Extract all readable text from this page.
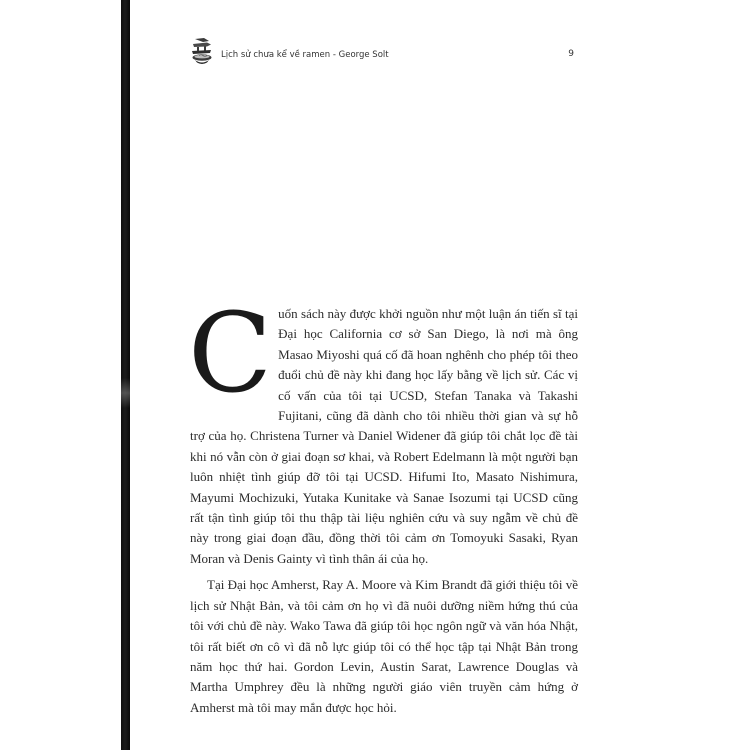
Lịch sử chưa kể về ramen - George Solt	9

Cuốn sách này được khởi nguồn như một luận án tiến sĩ tại Đại học California cơ sở San Diego, là nơi mà ông Masao Miyoshi quá cố đã hoan nghênh cho phép tôi theo đuổi chủ đề này khi đang học lấy bằng về lịch sử. Các vị cố vấn của tôi tại UCSD, Stefan Tanaka và Takashi Fujitani, cũng đã dành cho tôi nhiều thời gian và sự hỗ trợ của họ. Christena Turner và Daniel Widener đã giúp tôi chắt lọc đề tài khi nó vẫn còn ở giai đoạn sơ khai, và Robert Edelmann là một người bạn luôn nhiệt tình giúp đỡ tôi tại UCSD. Hifumi Ito, Masato Nishimura, Mayumi Mochizuki, Yutaka Kunitake và Sanae Isozumi tại UCSD cũng rất tận tình giúp tôi thu thập tài liệu nghiên cứu và suy ngẫm về chủ đề này trong giai đoạn đầu, đồng thời tôi cảm ơn Tomoyuki Sasaki, Ryan Moran và Denis Gainty vì tình thân ái của họ.

Tại Đại học Amherst, Ray A. Moore và Kim Brandt đã giới thiệu tôi về lịch sử Nhật Bản, và tôi cảm ơn họ vì đã nuôi dưỡng niềm hứng thú của tôi với chủ đề này. Wako Tawa đã giúp tôi học ngôn ngữ và văn hóa Nhật, tôi rất biết ơn cô vì đã nỗ lực giúp tôi có thể học tập tại Nhật Bản trong năm học thứ hai. Gordon Levin, Austin Sarat, Lawrence Douglas và Martha Umphrey đều là những người giáo viên truyền cảm hứng ở Amherst mà tôi may mắn được học hỏi.
